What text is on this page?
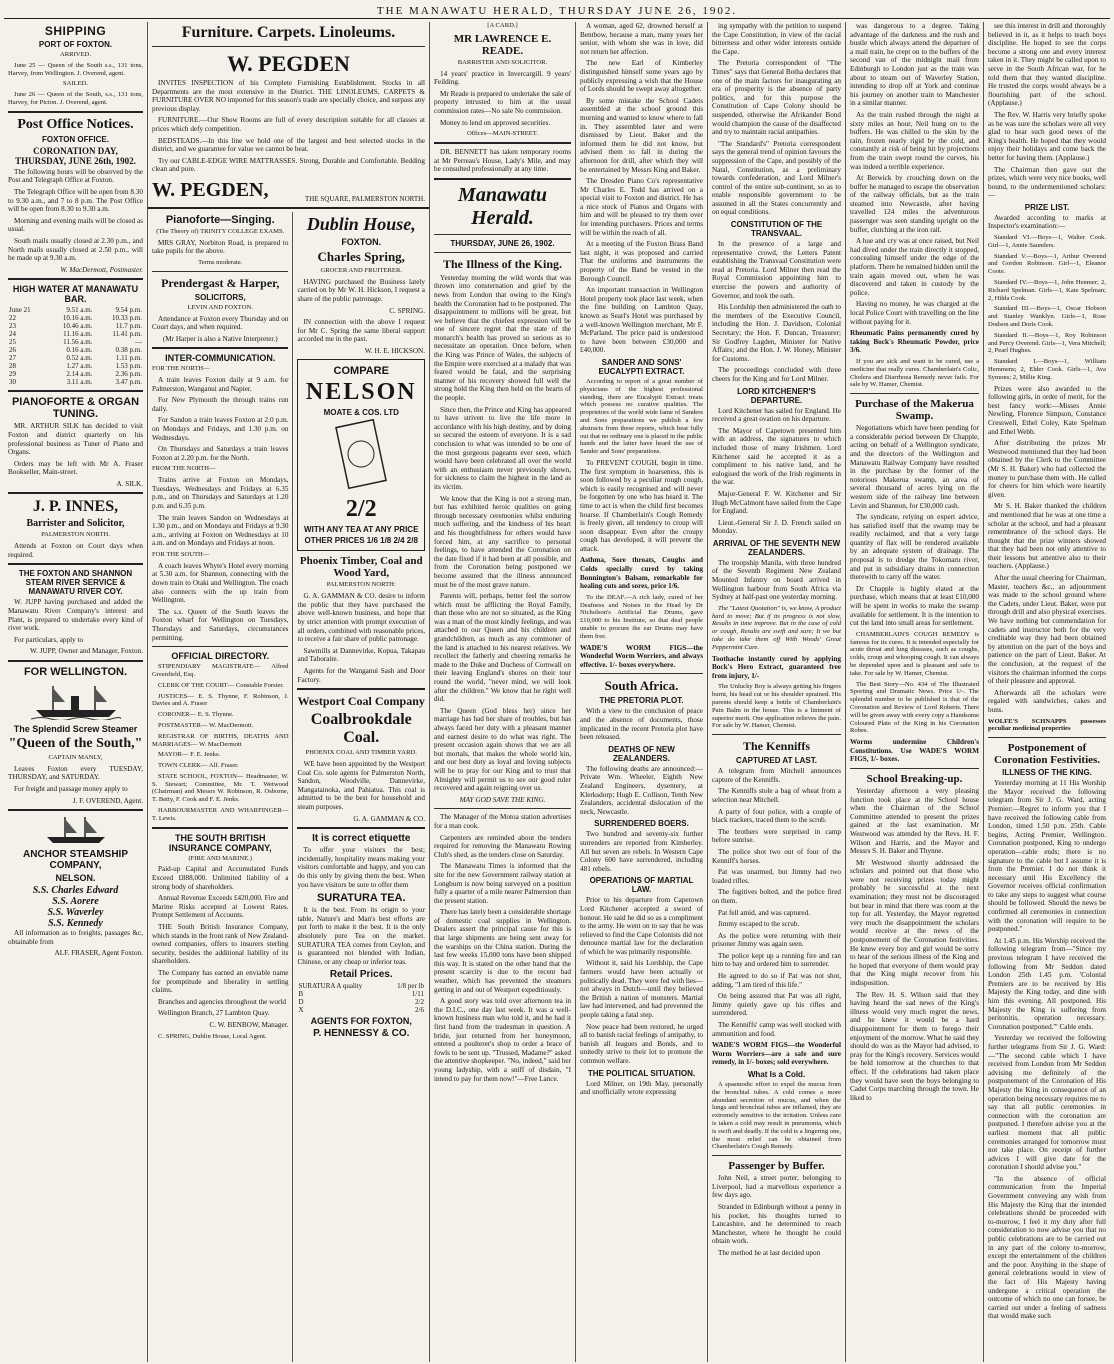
THE MANAWATU HERALD, THURSDAY JUNE 26, 1902.
SHIPPING
PORT OF FOXTON.

ARRIVED.

June 25 — Queen of the South s.s., 131 tons, Harvey, from Wellington. J. Overend, agent.

SAILED.

June 26 — Queen of the South, s.s., 131 tons, Harvey, for Picton. J. Overend, agent.

Post Office Notices.
FOXTON OFFICE.
CORONATION DAY, THURSDAY, JUNE 26th, 1902.

The following hours will be observed by the Post and Telegraph Office at Foxton.

The Telegraph Office will be open from 8.30 to 9.30 a.m., and 7 to 8 p.m. The Post Office will be open from 8.30 to 9.30 a.m.

Morning and evening mails will be closed as usual.

South mails usually closed at 2.30 p.m., and North mails usually closed at 2.50 p.m., will be made up at 9.30 a.m.

W. MacDermott, Postmaster.

HIGH WATER AT MANAWATU BAR.
June 21	9.51 a.m.	9.54 p.m.
22	10.16 a.m.	10.33 p.m.
23	10.46 a.m.	11.7 p.m.
24	11.16 a.m.	11.41 p.m.
25	11.56 a.m.	—
26	0.16 a.m.	0.38 p.m.
27	0.52 a.m.	1.11 p.m.
28	1.27 a.m.	1.53 p.m.
29	2.14 a.m.	2.36 p.m.
30	3.11 a.m.	3.47 p.m.
PIANOFORTE & ORGAN TUNING.

MR. ARTHUR SILK has decided to visit Foxton and district quarterly on his professional business as Tuner of Piano and Organs.

Orders may be left with Mr A. Fraser Bookseller, Main-street.

A. SILK.

J. P. INNES,
Barrister and Solicitor,

PALMERSTON NORTH.

Attends at Foxton on Court days when required.

THE FOXTON AND SHANNON STEAM RIVER SERVICE & MANAWATU RIVER COY.

W. JUPP having purchased and added the Manawatu River Company's interest and Plant, is prepared to undertake every kind of river work.

For particulars, apply to

W. JUPP, Owner and Manager, Foxton.

FOR WELLINGTON.
The Splendid Screw Steamer
"Queen of the South,"

CAPTAIN MANLY,

Leaves Foxton every TUESDAY, THURSDAY, and SATURDAY.

For freight and passage money apply to

J. F. OVEREND, Agent.

ANCHOR STEAMSHIP COMPANY,
NELSON.
S.S. Charles Edward
S.S. Aorere
S.S. Waverley
S.S. Kennedy

All information as to freights, passages &c, obtainable from

ALF. FRASER, Agent Foxton.

Furniture. Carpets. Linoleums.
W. PEGDEN

INVITES INSPECTION of his Complete Furnishing Establishment. Stocks in all Departments are the most extensive in the District. THE LINOLEUMS, CARPETS & FURNITURE OVER NO imported for this season's trade are specially choice, and surpass any previous display.

FURNITURE.—Our Show Rooms are full of every description suitable for all classes at prices which defy competition.

BEDSTEADS.—In this line we hold one of the largest and best selected stocks in the district, and we guarantee for value we cannot be beat.

Try our CABLE-EDGE WIRE MATTRASSES. Strong, Durable and Comfortable. Bedding clean and pure.

W. PEGDEN,	THE SQUARE, PALMERSTON NORTH.
Pianoforte—Singing.

(The Theory of) TRINITY COLLEGE EXAMS.

MRS GRAY, Norbiton Road, is prepared to take pupils for the above.

Terms moderate.

Prendergast & Harper,
SOLICITORS,

LEVIN AND FOXTON.

Attendance at Foxton every Thursday and on Court days, and when required.

(Mr Harper is also a Native Interpreter.)

INTER-COMMUNICATION.

FOR THE NORTH—

A train leaves Foxton daily at 9 a.m. for Palmerston, Wanganui and Napier.

For New Plymouth the through trains run daily.

For Sandon a train leaves Foxton at 2.0 p.m. on Mondays and Fridays, and 1.30 p.m. on Wednesdays.

On Thursdays and Saturdays a train leaves Foxton at 2.20 p.m. for the North.

FROM THE NORTH—

Trains arrive at Foxton on Mondays, Tuesdays, Wednesdays and Fridays at 6.35 p.m., and on Thursdays and Saturdays at 1.20 p.m. and 6.35 p.m.

The train leaves Sandon on Wednesdays at 1.30 p.m., and on Mondays and Fridays at 9.30 a.m., arriving at Foxton on Wednesdays at 10 a.m. and on Mondays and Fridays at noon.

FOR THE SOUTH—

A coach leaves Whyte's Hotel every morning at 5.30 a.m. for Shannon, connecting with the down train to Otaki and Wellington. The coach also connects with the up train from Wellington.

The s.s. Queen of the South leaves the Foxton wharf for Wellington on Tuesdays, Thursdays and Saturdays, circumstances permitting.

OFFICIAL DIRECTORY.

STIPENDIARY MAGISTRATE— Alfred Greenfield, Esq.

CLERK OF THE COURT— Constable Forster.

JUSTICES— E. S. Thynne, F. Robinson, J. Davies and A. Fraser

CORONER— E. S. Thynne.

POSTMASTER— W. MacDermott.

REGISTRAR OF BIRTHS, DEATHS AND MARRIAGES— W. MacDermott

MAYOR— F. E. Jenks.

TOWN CLERK— Alf. Fraser.

STATE SCHOOL, FOXTON— Headmaster, W. S. Stewart; Committee, Mr. T. Wetwood (Chairman) and Messrs W. Robinson, R. Osborne, T. Betty, F. Cook and F. E. Jenks.

HARBOURMASTER AND WHARFINGER— T. Lewis.

THE SOUTH BRITISH INSURANCE COMPANY,

(FIRE AND MARINE.)

Paid-up Capital and Accumulated Funds Exceed £888,000. Unlimited liability of a strong body of shareholders.

Annual Revenue Exceeds £420,000. Fire and Marine Risks accepted at Lowest Rates. Prompt Settlement of Accounts.

THE South British Insurance Company, which stands in the front rank of New Zealand-owned companies, offers to insurers sterling security, besides the additional liability of its shareholders.

The Company has earned an enviable name for promptitude and liberality in settling claims.

Branches and agencies throughout the world

Wellington Branch, 27 Lambton Quay.

C. W. BENBOW, Manager.

C. SPRING, Dublin House, Local Agent.

Dublin House,
FOXTON.
Charles Spring,

GROCER AND FRUITERER.

HAVING purchased the Business lately carried on by Mr W. H. Hickson, I request a share of the public patronage.

C. SPRING.

IN connection with the above I request for Mr C. Spring the same liberal support accorded me in the past.

W. H. E. HICKSON.

COMPARE
NELSON
MOATE & COS. LTD
2/2
WITH ANY TEA AT ANY PRICE
OTHER PRICES 1/6 1/8 2/4 2/8
Phoenix Timber, Coal and Wood Yard,

PALMERSTON NORTH:

G. A. GAMMAN & CO. desire to inform the public that they have purchased the above well-known business, and hope that by strict attention with prompt execution of all orders, combined with reasonable prices, to receive a fair share of public patronage.

Sawmills at Dannevirke, Kopua, Takapau and Tahoraite.

Agents for the Wanganui Sash and Door Factory.

Westport Coal Company
Coalbrookdale Coal.

PHOENIX COAL AND TIMBER YARD.

WE have been appointed by the Westport Coal Co. sole agents for Palmerston North, Sandon, Woodville, Dannevirke, Mangatainoka, and Pahiatua. This coal is admitted to be the best for household and steam purposes.

G. A. GAMMAN & CO.

It is correct etiquette

To offer your visitors the best; incidentally, hospitality means making your visitors comfortable and happy, and you can do this only by giving them the best. When you have visitors be sure to offer them

SURATURA TEA.

It is the best. From its origin to your table, Nature's and Man's best efforts are put forth to make it the best. It is the only absolutely pure Tea on the market. SURATURA TEA comes from Ceylon, and is guaranteed not blended with Indian, Chinese, or any cheap or inferior teas.

Retail Prices.
SURATURA A quality	1/8 per lb
B	1/11
D	2/2
X	2/6
AGENTS FOR FOXTON,
P. HENNESSY & CO.

[A CARD.]

MR LAWRENCE E. READE.

BARRISTER AND SOLICITOR.

14 years' practice in Invercargill. 9 years' Feilding.

Mr Reade is prepared to undertake the sale of property intrusted to him at the usual commission rates—No sale No commission.

Money to lend on approved securities.

Offices—MAIN-STREET.

DR. BENNETT has taken temporary rooms at Mr Perreau's House, Lady's Mile, and may be consulted professionally at any time.

Manawatu Herald.
THURSDAY, JUNE 26, 1902.
The Illness of the King.

Yesterday morning the wild words that was thrown into consternation and grief by the news from London that owing to the King's health the Coronation had to be postponed. The disappointment to millions will be great, but we believe that the chiefest expression will be one of sincere regret that the state of the monarch's health has proved so serious as to necessitate an operation. Once before, when the King was Prince of Wales, the subjects of the Empire were exercised at a malady that was feared would be fatal, and the surprising manner of his recovery showed full well the strong hold the King then held on the hearts of the people.

Since then, the Prince and King has appeared to have striven to live the life more in accordance with his high destiny, and by doing so secured the esteem of everyone. It is a sad conclusion to what was intended to be one of the most gorgeous pageants ever seen, which would have been celebrated all over the world with an enthusiasm never previously shown, for sickness to claim the highest in the land as its victim.

We know that the King is not a strong man, but has exhibited heroic qualities on going through necessary ceremonies whilst enduring much suffering, and the kindness of his heart and his thoughtfulness for others would have forced him, at any sacrifice to personal feelings, to have attended the Coronation on the date fixed if it had been at all possible, and from the Coronation being postponed we become assured that the illness announced must be of the most grave nature.

Parents will, perhaps, better feel the sorrow which must be afflicting the Royal Family, than those who are not so situated, as the King was a man of the most kindly feelings, and was attached to our Queen and his children and grandchildren, as much as any commoner of the land is attached to his nearest relatives. We recollect the fatherly and cheering remarks he made to the Duke and Duchess of Cornwall on their leaving England's shores on their tour round the world, "never mind, we will look after the children." We know that he right well did.

The Queen (God bless her) since her marriage has had her share of troubles, but has always faced her duty with a pleasant manner and earnest desire to do what was right. The present occasion again shows that we are all but mortals, that makes the whole world kin, and our best duty as loyal and loving subjects will be to pray for our King and to trust that Almighty will permit us to see our good ruler recovered and again reigning over us.

MAY GOD SAVE THE KING.

The Manager of the Motoa station advertises for a man cook.

Carpenters are reminded about the tenders required for removing the Manawatu Rowing Club's shed, as the tenders close on Saturday.

The Manawatu Times is informed that the site for the new Government railway station at Longburn is now being surveyed on a position fully a quarter of a mile nearer Palmerston than the present station.

There has lately been a considerable shortage of domestic coal supplies in Wellington. Dealers assert the principal cause for this is that large shipments are being sent away for the warships on the China station. During the last few weeks 15,000 tons have been shipped this way. It is stated on the other hand that the present scarcity is due to the recent bad weather, which has prevented the steamers getting in and out of Westport expeditiously.

A good story was told over afternoon tea in the D.I.C., one day last week. It was a well-known business man who told it, and he had it first hand from the tradesman in question. A bride, just returned from her honeymoon, entered a poulterer's shop to order a brace of fowls to be sent up. "Trussed, Madame?" asked the attentive shopkeeper. "No, indeed," said her young ladyship, with a sniff of disdain, "I intend to pay for them now!"—Free Lance.

A woman, aged 62, drowned herself at Bentbow, because a man, many years her senior, with whom she was in love, did not return her affection.

The new Earl of Kimberley distinguished himself some years ago by publicly expressing a wish that the House of Lords should be swept away altogether.

By some mistake the School Cadets assembled at the school ground this morning and wanted to know where to fall in. They assembled later and were dismissed by Lieut. Baker and the informed them he did not know, but advised them to fall in during the afternoon for drill, after which they will be entertained by Messrs King and Baker.

The Dresden Piano Co's representative Mr Charles E. Todd has arrived on a special visit to Foxton and district. He has a nice stock of Pianos and Organs with him and will be pleased to try them over for intending purchasers. Prices and terms will be within the reach of all.

At a meeting of the Foxton Brass Band last night, it was proposed and carried That the uniforms and instruments the property of the Band be vested in the Borough Council.

An important transaction in Wellington Hotel property took place last week, when the fine building on Lambton Quay, known as Searl's Hotel was purchased by a well-known Wellington merchant, Mr F. McParland. The price paid is understood to have been between £30,000 and £40,000.

SANDER AND SONS' EUCALYPTI EXTRACT.

According to report of a great number of physicians of the highest professional standing, there are Eucalypti Extract treats which possess no curative qualities. The proprietors of the world wide fame of Sanders and Sons preparations we publish a few abstracts from these reports, which bear fully out that no ordinary one is placed in the public hands and the latter have heard the use of Sander and Sons' preparations.

To PREVENT COUGH, begin in time. The first symptom in hoarseness, this is soon followed by a peculiar rough cough, which is easily recognised and will never be forgotten by one who has heard it. The time to act is when the child first becomes hoarse. If Chamberlain's Cough Remedy is freely given, all tendency to croup will soon disappear. Even after the croupy cough has developed, it will prevent the attack.

Asthma, Sore throats, Coughs and Colds specially cured by taking Bonnington's Balsam, remarkable for healing cuts and sores, price 1/6.

To the DEAF.—A rich lady, cured of her Deafness and Noises in the Head by Dr Nicholson's Artificial Ear Drums, gave £10,000 to his Institute, so that deaf people unable to procure the ear Drums may have them free.

WADE'S WORM FIGS—the Wonderful Worm Worriers, and always effective. 1/- boxes everywhere.

South Africa.
THE PRETORIA PLOT.

With a view to the conclusion of peace and the absence of documents, those implicated in the recent Pretoria plot have been released.

DEATHS OF NEW ZEALANDERS.

The following deaths are announced:—Private Wm. Wheeler, Eighth New Zealand Engineers, dysentery, at Klerksdorp; Hugh E. Collison, Tenth New Zealanders, accidental dislocation of the neck, Newcastle.

SURRENDERED BOERS.

Two hundred and seventy-six further surrenders are reported from Kimberley. All but seven are rebels. In Western Cape Colony 600 have surrendered, including 481 rebels.

OPERATIONS OF MARTIAL LAW.

Prior to his departure from Capetown Lord Kitchener accepted a sword of honour. He said he did so as a compliment to the army. He went on to say that he was relieved to find the Cape Colonists did not denounce martial law for the declaration of which he was primarily responsible.

Without it, said his Lordship, the Cape farmers would have been actually or politically dead. They were fed with lies—not always in Dutch—until they believed the British a nation of monsters. Martial law had intervened, and had prevented the people taking a fatal step.

Now peace had been restored, he urged all to banish racial feelings of antipathy, to banish all leagues and Bonds, and to unitedly strive to their lot to promote the common welfare.

THE POLITICAL SITUATION.

Lord Milner, on 19th May, personally and unofficially wrote expressing

ing sympathy with the petition to suspend the Cape Constitution, in view of the racial bitterness and other wider interests outside the Cape.

The Pretoria correspondent of "The Times" says that General Botha declares that one of the main factors for inaugurating an era of prosperity is the absence of party politics, and for this purpose the Constitution of Cape Colony should be suspended, otherwise the Afrikander Bond would champion the cause of the disaffected and try to maintain racial antipathies.

"The Standard's" Pretoria correspondent says the general trend of opinion favours the suppression of the Cape, and possibly of the Natal, Constitution, as a preliminary towards confederation, and Lord Milner's control of the entire sub-continent, so as to enable responsible government to be assumed in all the States concurrently and on equal conditions.

CONSTITUTION OF THE TRANSVAAL.

In the presence of a large and representative crowd, the Letters Patent establishing the Transvaal Constitution were read at Pretoria. Lord Milner then read the Royal Commission appointing him to exercise the powers and authority of Governor, and took the oath.

His Lordship then administered the oath to the members of the Executive Council, including the Hon. J. Davidson, Colonial Secretary; the Hon. F. Duncan, Treasurer; Sir Godfrey Lagden, Minister for Native Affairs; and the Hon. J. W. Honey, Minister for Customs.

The proceedings concluded with three cheers for the King and for Lord Milner.

LORD KITCHENER'S DEPARTURE.

Lord Kitchener has sailed for England. He received a great ovation on his departure.

The Mayor of Capetown presented him with an address, the signatures to which included those of many Irishmen. Lord Kitchener said he accepted it as a compliment to his native land, and he eulogised the work of the Irish regiments in the war.

Major-General F. W. Kitchener and Sir Hugh McCalmont have sailed from the Cape for England.

Lieut.-General Sir J. D. French sailed on Monday.

ARRIVAL OF THE SEVENTH NEW ZEALANDERS.

The troopship Manila, with three hundred of the Seventh Regiment New Zealand Mounted Infantry on board arrived in Wellington harbour from South Africa via Sydney at half-past one yesterday morning.

The "Latest Quotation" is, we know, A product hard to move; But if its progress is not slow, Results in time improve. But in the case of cold or cough, Results are swift and sure; It we but take do take them off With Woods' Great Peppermint Cure.

Toothache instantly cured by applying Bock's Hero Extract, guaranteed free from injury, 1/-

The Unlucky Boy is always getting his fingers burnt, his head cut or his shoulder sprained. His parents should keep a bottle of Chamberlain's Pain Balm in the house. This is a liniment of superior merit. One application relieves the pain. For sale by W. Hamer, Chemist.

The Kenniffs
CAPTURED AT LAST.

A telegram from Mitchell announces capture of the Kenniffs.

The Kenniffs stole a bag of wheat from a selection near Mitchell.

A party of four police, with a couple of black trackers, traced them to the scrub.

The brothers were surprised in camp before sunrise.

The police shot two out of four of the Kenniff's horses.

Pat was unarmed, but Jimmy had two loaded rifles.

The fugitives bolted, and the police fired on them.

Pat fell amid, and was captured.

Jimmy escaped to the scrub.

As the police were returning with their prisoner Jimmy was again seen.

The police kept up a running fire and ran him to bay and ordered him to surrender.

He agreed to do so if Pat was not shot, adding, "I am tired of this life."

On being assured that Pat was all right, Jimmy quietly gave up his rifles and surrendered.

The Kenniffs' camp was well stocked with ammunition and food.

WADE'S WORM FIGS—the Wonderful Worm Worriers—are a safe and sure remedy, in 1/- boxes; sold everywhere.

What Is a Cold.

A spasmodic effort to expel the mucus from the bronchial tubes. A cold comes a more abundant secretion of mucus, and when the lungs and bronchial tubes are inflamed, they are extremely sensitive to the irritation. Unless care is taken a cold may result in pneumonia, which is swift and deadly. If the cold is a lingering one, the most relief can be obtained from Chamberlain's Cough Remedy.

Passenger by Buffer.

John Neil, a street porter, belonging to Liverpool, had a marvellous experience a few days ago.

Stranded in Edinburgh without a penny in his pocket, his thoughts turned to Lancashire, and he determined to reach Manchester, where he thought he could obtain work.

The method he at last decided upon

was dangerous to a degree. Taking advantage of the darkness and the rush and bustle which always attend the departure of a mail train, he crept on to the buffers of the second van of the midnight mail from Edinburgh to London just as the train was about to steam out of Waverley Station, intending to drop off at York and continue his journey on another train to Manchester in a similar manner.

As the train rushed through the night at sixty miles an hour, Neil hung on to the buffers. He was chilled to the skin by the rain, frozen nearly rigid by the cold, and constantly at risk of being hit by projections from the train swept round the curves, his was indeed a terrible experience.

At Berwick by crouching down on the buffer he managed to escape the observation of the railway officials, but as the train steamed into Newcastle, after having travelled 124 miles the adventurous passenger was seen standing upright on the buffer, clutching at the iron rail.

A hue and cry was at once raised, but Neil had dived under the train directly it stopped, concealing himself under the edge of the platform. There he remained hidden until the train again moved out, when he was discovered and taken in custody by the police.

Having no money, he was charged at the local Police Court with travelling on the line without paying for it.

Rheumatic Pains permanently cured by taking Bock's Rheumatic Powder, price 3/6.

If you are sick and want to be cured, use a medicine that really cures. Chamberlain's Colic, Cholera and Diarrhoea Remedy never fails. For sale by W. Hamer, Chemist.

Purchase of the Makerua Swamp.

Negotiations which have been pending for a considerable period between Dr Chapple, acting on behalf of a Wellington syndicate, and the directors of the Wellington and Manawatu Railway Company have resulted in the purchase by the former of the notorious Makerua swamp, an area of several thousand of acres lying on the western side of the railway line between Levin and Shannon, for £30,000 cash.

The syndicate, relying on expert advice, has satisfied itself that the swamp may be readily reclaimed, and that a very large quantity of flax will be rendered available by an adequate system of drainage. The proposal is to dredge the Tokomaru river, and put in subsidiary drains in connection therewith to carry off the water.

Dr Chapple is highly elated at the purchase, which means that at least £10,000 will be spent in works to make the swamp available for settlement. It is the intention to cut the land into small areas for settlement.

CHAMBERLAIN'S COUGH REMEDY is famous for its cures. It is intended especially for acute throat and lung diseases, such as coughs, colds, croup and whooping cough. It can always be depended upon and is pleasant and safe to take. For sale by W. Hamer, Chemist.

The Best Story—No. 434 of The Illustrated Sporting and Dramatic News. Price 1/-. The splendid number to be published is that of the Coronation and Review of Lord Roberts. There will be given away with every copy a Handsome Coloured Plate of the King in his Coronation Robes.

Worms undermine Children's Constitutions. Use WADE'S WORM FIGS, 1/- boxes.

School Breaking-up.

Yesterday afternoon a very pleasing function took place at the School house when the Chairman of the School Committee attended to present the prizes gained at the last examination. Mr Westwood was attended by the Revs. H. F. Wilson and Harris, and the Mayor and Messrs S. H. Baker and Thynne.

Mr Westwood shortly addressed the scholars and pointed out that those who were not receiving prizes today might probably be successful at the next examination; they must not be discouraged but bear in mind that there was room at the top for all. Yesterday, the Mayor regretted very much the disappointment the scholars would receive at the news of the postponement of the Coronation festivities. He knew every boy and girl would be sorry to hear of the serious illness of the King and he hoped that everyone of them would pray that the King might recover from his indisposition.

The Rev. H. S. Wilson said that they having heard the sad news of the King's illness would very much regret the news, and he knew it would be a hard disappointment for them to forego their enjoyment of the morrow. What he said they should do was as the Mayor had advised, to pray for the King's recovery. Services would be held tomorrow at the churches to that effect. If the celebrations had taken place they would have seen the boys belonging to Cadet Corps marching through the town. He liked to

see this interest in drill and thoroughly believed in it, as it helps to teach boys discipline. He hoped to see the corps become a strong one and every interest taken in it. They might be called upon to serve in the South African war, for he told them that they wanted discipline. He trusted the corps would always be a flourishing part of the school. (Applause.)

The Rev. W. Harris very briefly spoke as he was sure the scholars were all very glad to hear such good news of the King's health. He hoped that they would enjoy their holidays and come back the better for having them. (Applause.)

The Chairman then gave out the prizes, which were very nice books, well bound, to the undermentioned scholars:—

PRIZE LIST.

Awarded according to marks at Inspector's examination:—

Standard VI.—Boys—1, Walter Cook. Girl—1, Annie Saunders.

Standard V.—Boys—1, Arthur Overend and Gordon Robinson. Girl—1, Eleanor Coote.

Standard IV.—Boys—1, John Henmer; 2, Richard Spelman. Girls—1, Kate Spelman; 2, Hilda Cook.

Standard III.—Boys—1, Oscar Hobson and Stanley Wanklyn. Girls—1, Rose Dodson and Doris Cook.

Standard II.—Boys—1, Roy Robinson and Percy Overend. Girls—1, Vera Mitchell; 2, Pearl Hughes.

Standard I.—Boys—1, William Hemmens; 2, Elder Cook. Girls—1, Ava Symons; 2, Millie King.

Prizes were also awarded to the following girls, in order of merit, for the best fancy work:—Misses Annie Newling, Florence Simpson, Constance Cresswell, Ethel Coley, Kate Spelman and Ethel Webb.

After distributing the prizes Mr Westwood mentioned that they had been obtained by the Clerk to the Committee (Mr S. H. Baker) who had collected the money to purchase them with. He called for cheers for him which were heartily given.

Mr S. H. Baker thanked the children and mentioned that he was at one time a scholar at the school, and had a pleasant remembrance of the school days. He thought that the prize winners showed that they had been not only attentive to their lessons but attentive also to their teachers. (Applause.)

After the usual cheering for Chairman, Master, teachers &c., an adjournment was made to the school ground where the Cadets, under Lieut. Baker, were put through drill and also physical exercises. We have nothing but commendation for cadets and instructor both for the very creditable way they had been obtained by attention on the part of the boys and patience on the part of Lieut. Baker. At the conclusion, at the request of the visitors the chairman informed the corps of their pleasure and approval.

Afterwards all the scholars were regaled with sandwiches, cakes and buns.

WOLFE'S SCHNAPPS possesses peculiar medicinal properties

Postponement of Coronation Festivities.
ILLNESS OF THE KING.

Yesterday morning at 11 His Worship the Mayor received the following telegram from Sir J. G. Ward, acting Premier:—Regret to inform you that I have received the following cable from London, timed 1.50 p.m. 25th. Cable begins, Acting Premier, Wellington. Coronation postponed, King to undergo operation—cable ends; there is no signature to the cable but I assume it is from the Premier. I do not think it necessary until His Excellency the Governor receives official confirmation to take any steps to suggest what course should be followed. Should the news be confirmed all ceremonies in connection with the coronation will require to be postponed."

At 1.45 p.m. His Worship received the following telegram from—"Since my previous telegram I have received the following from Mr Seddon dated London 25th 1.45 p.m. 'Colonial Premiers are to be received by His Majesty the King today, and dine with him this evening. All postponed. His Majesty the King is suffering from peritonitis, operation necessary. Coronation postponed.'" Cable ends.

Yesterday we received the following further telegrams from Sir J. G. Ward:—"The second cable which I have received from London from Mr Seddon advising me definitely of the postponement of the Coronation of His Majesty the King in consequence of an operation being necessary requires me to say that all public ceremonies in connection with the coronation are postponed. I therefore advise you at the earliest moment that all public ceremonies arranged for tomorrow must not take place. On receipt of further advices I will give date for the coronation I should advise you."

"In the absence of official communication from the Imperial Government conveying any wish from His Majesty the King that the intended celebrations should be proceeded with to-morrow, I feel it my duty after full consideration to now advise you that no public celebrations are to be carried out in any part of the colony to-morrow, except the entertainment of the children and the poor. Anything in the shape of general celebrations would in view of the fact of His Majesty having undergone a critical operation the outcome of which no one can forsee, be carried out under a feeling of sadness that would make such
